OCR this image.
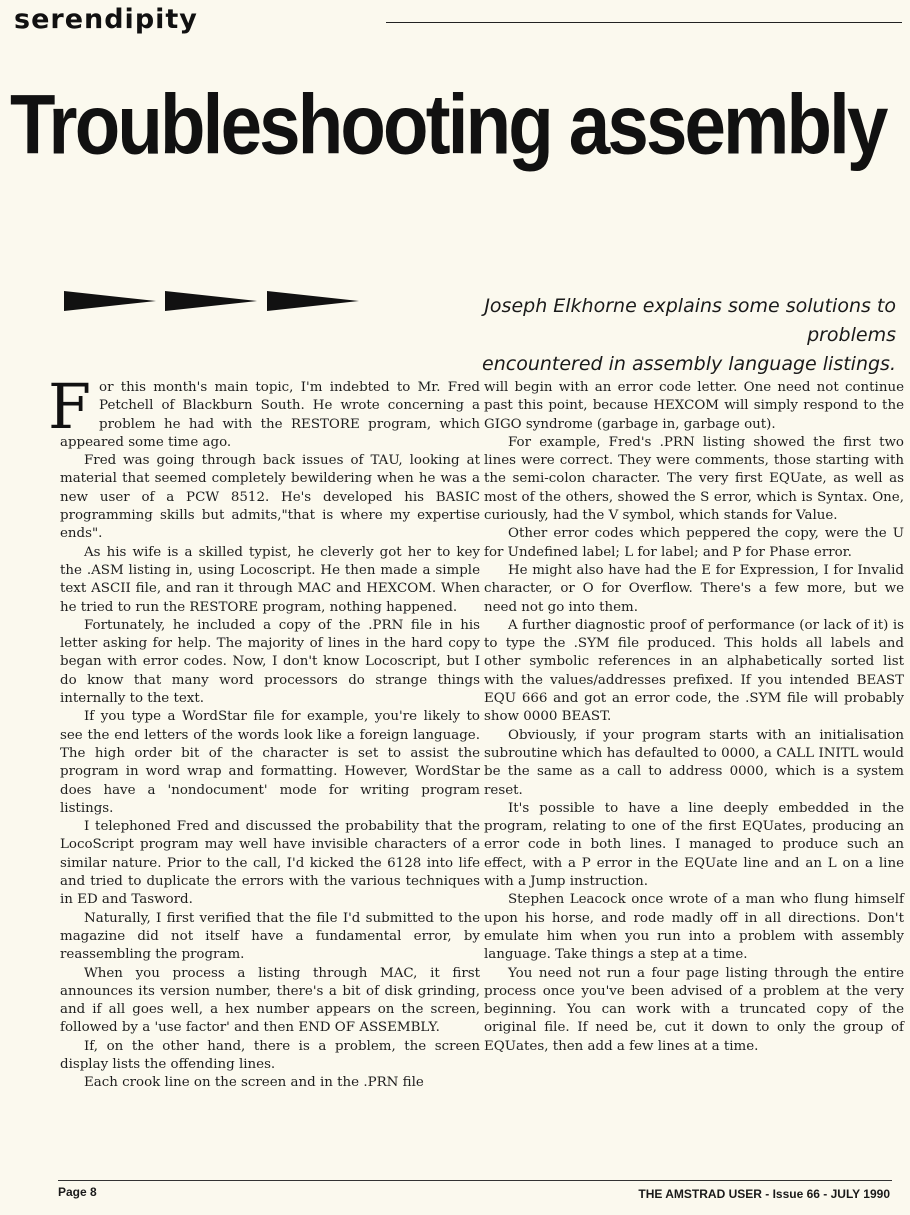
serendipity
Troubleshooting assembly
Joseph Elkhorne explains some solutions to problems
encountered in assembly language listings.

For this month's main topic, I'm indebted to Mr. Fred Petchell of Blackburn South. He wrote concerning a problem he had with the RESTORE program, which appeared some time ago.

Fred was going through back issues of TAU, looking at material that seemed completely bewildering when he was a new user of a PCW 8512. He's developed his BASIC programming skills but admits,"that is where my expertise ends".

As his wife is a skilled typist, he cleverly got her to key the .ASM listing in, using Locoscript. He then made a simple text ASCII file, and ran it through MAC and HEXCOM. When he tried to run the RESTORE program, nothing happened.

Fortunately, he included a copy of the .PRN file in his letter asking for help. The majority of lines in the hard copy began with error codes. Now, I don't know Locoscript, but I do know that many word processors do strange things internally to the text.

If you type a WordStar file for example, you're likely to see the end letters of the words look like a foreign language. The high order bit of the character is set to assist the program in word wrap and formatting. However, WordStar does have a 'nondocument' mode for writing program listings.

I telephoned Fred and discussed the probability that the LocoScript program may well have invisible characters of a similar nature. Prior to the call, I'd kicked the 6128 into life and tried to duplicate the errors with the various techniques in ED and Tasword.

Naturally, I first verified that the file I'd submitted to the magazine did not itself have a fundamental error, by reassembling the program.

When you process a listing through MAC, it first announces its version number, there's a bit of disk grinding, and if all goes well, a hex number appears on the screen, followed by a 'use factor' and then END OF ASSEMBLY.

If, on the other hand, there is a problem, the screen display lists the offending lines.

Each crook line on the screen and in the .PRN file

will begin with an error code letter. One need not continue past this point, because HEXCOM will simply respond to the GIGO syndrome (garbage in, garbage out).

For example, Fred's .PRN listing showed the first two lines were correct. They were comments, those starting with the semi-colon character. The very first EQUate, as well as most of the others, showed the S error, which is Syntax. One, curiously, had the V symbol, which stands for Value.

Other error codes which peppered the copy, were the U for Undefined label; L for label; and P for Phase error.

He might also have had the E for Expression, I for Invalid character, or O for Overflow. There's a few more, but we need not go into them.

A further diagnostic proof of performance (or lack of it) is to type the .SYM file produced. This holds all labels and other symbolic references in an alphabetically sorted list with the values/addresses prefixed. If you intended BEAST EQU 666 and got an error code, the .SYM file will probably show 0000 BEAST.

Obviously, if your program starts with an initialisation subroutine which has defaulted to 0000, a CALL INITL would be the same as a call to address 0000, which is a system reset.

It's possible to have a line deeply embedded in the program, relating to one of the first EQUates, producing an error code in both lines. I managed to produce such an effect, with a P error in the EQUate line and an L on a line with a Jump instruction.

Stephen Leacock once wrote of a man who flung himself upon his horse, and rode madly off in all directions. Don't emulate him when you run into a problem with assembly language. Take things a step at a time.

You need not run a four page listing through the entire process once you've been advised of a problem at the very beginning. You can work with a truncated copy of the original file. If need be, cut it down to only the group of EQUates, then add a few lines at a time.

Page 8	THE AMSTRAD USER - Issue 66 - JULY 1990
